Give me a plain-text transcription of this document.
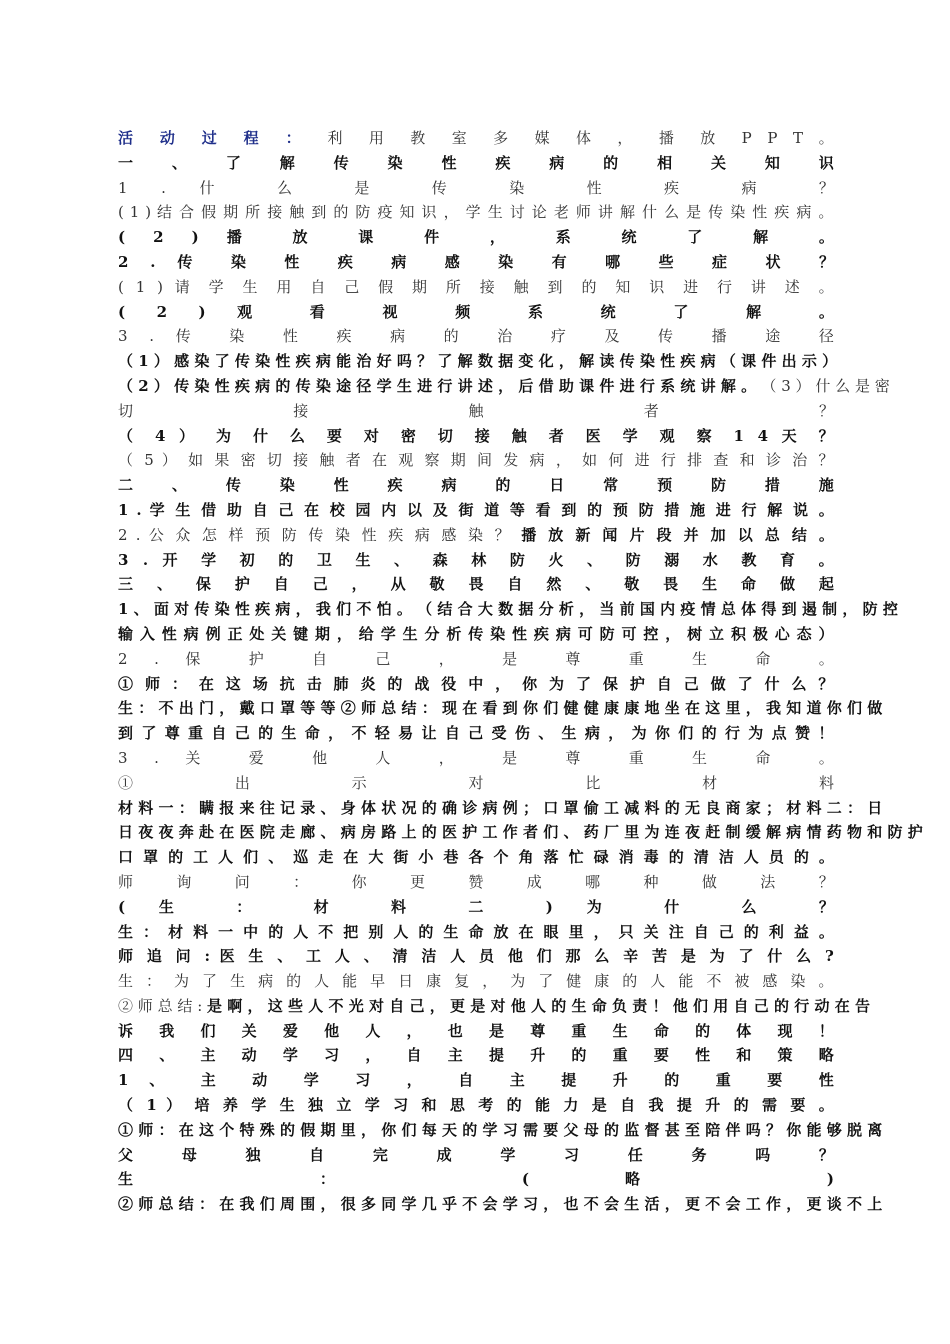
活 动 过 程 ： 利 用 教 室 多 媒 体 ， 播 放 P P T 。
一 、 了 解 传 染 性 疾 病 的 相 关 知 识
1 . 什 么 是 传 染 性 疾 病 ？
( 1 ) 结 合 假 期 所 接 触 到 的 防 疫 知 识 ， 学 生 讨 论 老 师 讲 解 什 么 是 传 染 性 疾 病 。
( 2 ) 播 放 课 件 ， 系 统 了 解 。
2 . 传 染 性 疾 病 感 染 有 哪 些 症 状 ？
( 1 ) 请 学 生 用 自 己 假 期 所 接 触 到 的 知 识 进 行 讲 述 。
( 2 ) 观 看 视 频 系 统 了 解 。
3 . 传 染 性 疾 病 的 治 疗 及 传 播 途 径
（ 1 ） 感 染 了 传 染 性 疾 病 能 治 好 吗 ？ 了 解 数 据 变 化 ， 解 读 传 染 性 疾 病 （ 课 件 出 示 ）
（ 2 ） 传 染 性 疾 病 的 传 染 途 径 学 生 进 行 讲 述 ， 后 借 助 课 件 进 行 系 统 讲 解 。 （ 3 ） 什 么 是 密
切	接	触	者	？
（ 4 ） 为 什 么 要 对 密 切 接 触 者 医 学 观 察 1 4 天 ？
（ 5 ） 如 果 密 切 接 触 者 在 观 察 期 间 发 病 ， 如 何 进 行 排 查 和 诊 治 ？
二 、 传 染 性 疾 病 的 日 常 预 防 措 施
1 . 学 生 借 助 自 己 在 校 园 内 以 及 街 道 等 看 到 的 预 防 措 施 进 行 解 说 。
2 . 公 众 怎 样 预 防 传 染 性 疾 病 感 染 ？ 播 放 新 闻 片 段 并 加 以 总 结 。
3 . 开 学 初 的 卫 生 、 森 林 防 火 、 防 溺 水 教 育 。
三 、 保 护 自 己 ， 从 敬 畏 自 然 、 敬 畏 生 命 做 起
1 、 面 对 传 染 性 疾 病 ， 我 们 不 怕 。 （ 结 合 大 数 据 分 析 ， 当 前 国 内 疫 情 总 体 得 到 遏 制 ， 防 控
输 入 性 病 例 正 处 关 键 期 ， 给 学 生 分 析 传 染 性 疾 病 可 防 可 控 ， 树 立 积 极 心 态 ）
2 . 保 护 自 己 ， 是 尊 重 生 命 。
① 师 ： 在 这 场 抗 击 肺 炎 的 战 役 中 ， 你 为 了 保 护 自 己 做 了 什 么 ？
生 ： 不 出 门 ， 戴 口 罩 等 等 ② 师 总 结 ： 现 在 看 到 你 们 健 健 康 康 地 坐 在 这 里 ， 我 知 道 你 们 做
到 了 尊 重 自 己 的 生 命 ， 不 轻 易 让 自 己 受 伤 、 生 病 ， 为 你 们 的 行 为 点 赞 ！
3 . 关 爱 他 人 ， 是 尊 重 生 命 。
①	出	示	对	比	材	料
材 料 一 ： 瞒 报 来 往 记 录 、 身 体 状 况 的 确 诊 病 例 ； 口 罩 偷 工 减 料 的 无 良 商 家 ； 材 料 二 ： 日
日 夜 夜 奔 赴 在 医 院 走 廊 、 病 房 路 上 的 医 护 工 作 者 们 、 药 厂 里 为 连 夜 赶 制 缓 解 病 情 药 物 和 防 护
口 罩 的 工 人 们 、 巡 走 在 大 街 小 巷 各 个 角 落 忙 碌 消 毒 的 清 洁 人 员 的 。
师 询 问 ： 你 更 赞 成 哪 种 做 法 ？
( 生 ： 材 料 二 ) 为 什 么 ？
生 ： 材 料 一 中 的 人 不 把 别 人 的 生 命 放 在 眼 里 ， 只 关 注 自 己 的 利 益 。
师 追 问 : 医 生 、 工 人 、 清 洁 人 员 他 们 那 么 辛 苦 是 为 了 什 么 ?
生 ： 为 了 生 病 的 人 能 早 日 康 复 ， 为 了 健 康 的 人 能 不 被 感 染 。
② 师 总 结 : 是 啊 ， 这 些 人 不 光 对 自 己 ， 更 是 对 他 人 的 生 命 负 责 ！ 他 们 用 自 己 的 行 动 在 告
诉 我 们 关 爱 他 人 ， 也 是 尊 重 生 命 的 体 现 ！
四 、 主 动 学 习 ， 自 主 提 升 的 重 要 性 和 策 略
1 、 主 动 学 习 ， 自 主 提 升 的 重 要 性
（ 1 ） 培 养 学 生 独 立 学 习 和 思 考 的 能 力 是 自 我 提 升 的 需 要 。
① 师 ： 在 这 个 特 殊 的 假 期 里 ， 你 们 每 天 的 学 习 需 要 父 母 的 监 督 甚 至 陪 伴 吗 ？ 你 能 够 脱 离
父 母 独 自 完 成 学 习 任 务 吗 ？
生	：	(	略	)
② 师 总 结 ： 在 我 们 周 围 ， 很 多 同 学 几 乎 不 会 学 习 ， 也 不 会 生 活 ， 更 不 会 工 作 ， 更 谈 不 上
